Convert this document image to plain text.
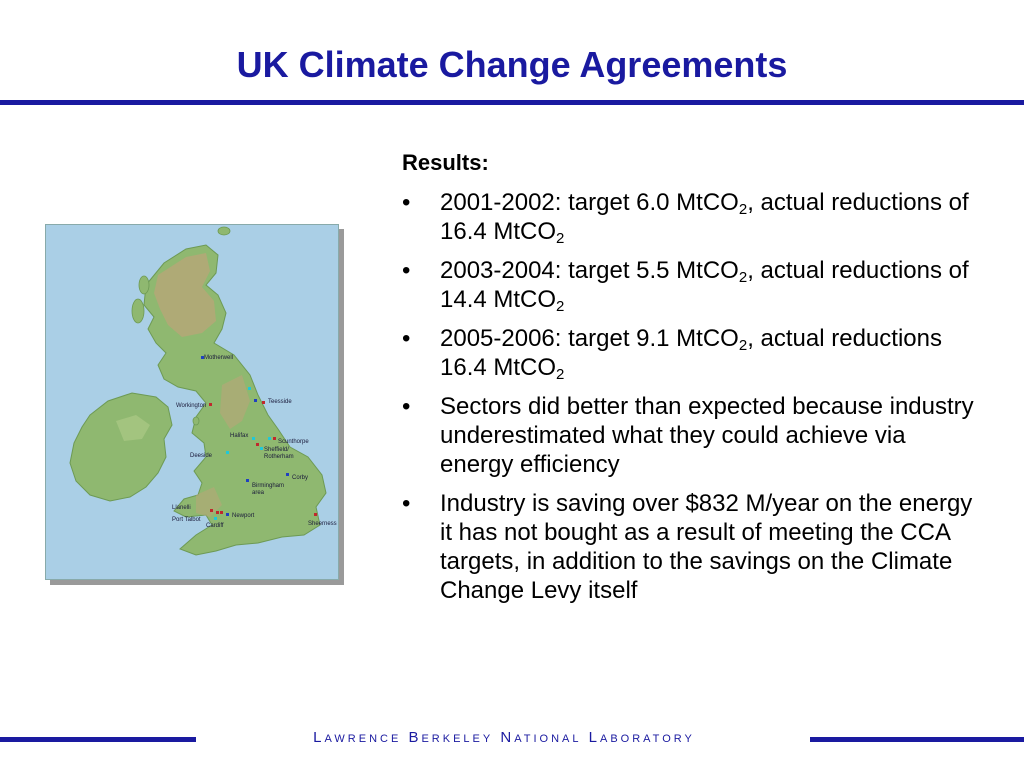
UK Climate Change Agreements
Motherwell
Workington
Teesside
Halifax
Scunthorpe
Sheffield/
Rotherham
Deeside
Corby
Birmingham
area
Llanelli
Port Talbot
Newport
Cardiff	Sheerness
Results:
• 2001-2002: target 6.0 MtCO$_2$, actual reductions of 16.4 MtCO$_2$
• 2003-2004: target 5.5 MtCO$_2$, actual reductions of 14.4 MtCO$_2$
• 2005-2006: target 9.1 MtCO$_2$, actual reductions 16.4 MtCO$_2$
• Sectors did better than expected because industry underestimated what they could achieve via energy efficiency
• Industry is saving over $832 M/year on the energy it has not bought as a result of meeting the CCA targets, in addition to the savings on the Climate Change Levy itself
Lawrence Berkeley National Laboratory
